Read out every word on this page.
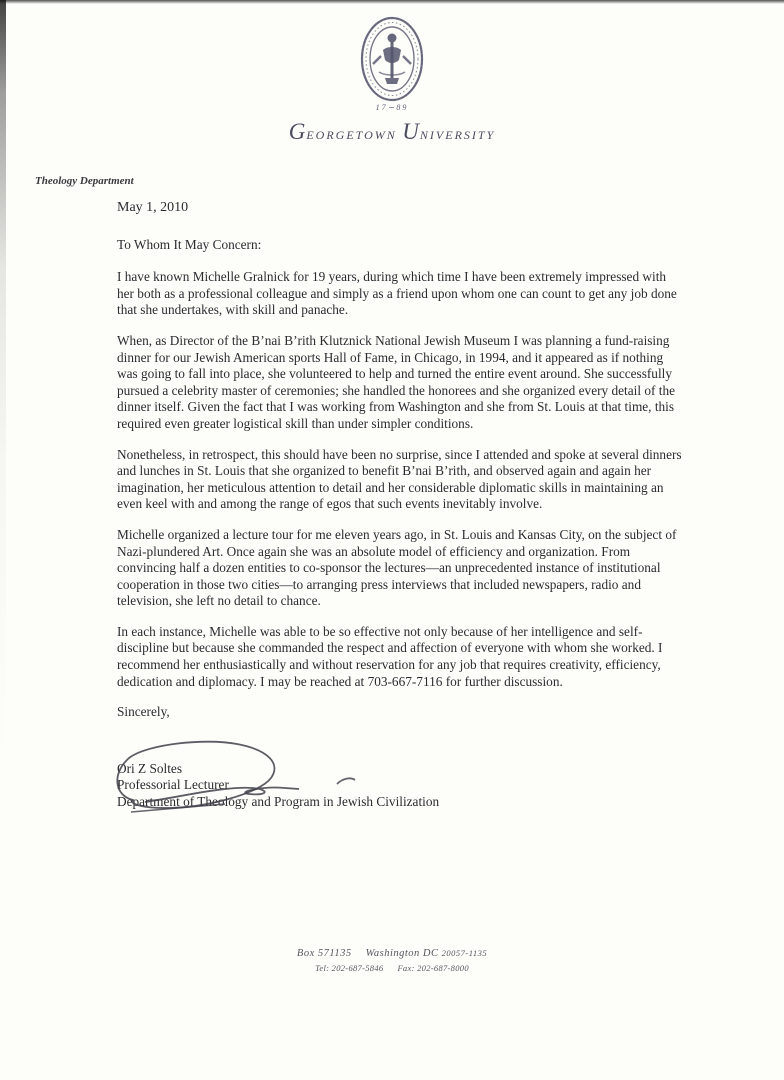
17∼89
GEORGETOWN UNIVERSITY
Theology Department

May 1, 2010

To Whom It May Concern:

I have known Michelle Gralnick for 19 years, during which time I have been extremely impressed with her both as a professional colleague and simply as a friend upon whom one can count to get any job done that she undertakes, with skill and panache.

When, as Director of the B’nai B’rith Klutznick National Jewish Museum I was planning a fund-raising dinner for our Jewish American sports Hall of Fame, in Chicago, in 1994, and it appeared as if nothing was going to fall into place, she volunteered to help and turned the entire event around. She successfully pursued a celebrity master of ceremonies; she handled the honorees and she organized every detail of the dinner itself. Given the fact that I was working from Washington and she from St. Louis at that time, this required even greater logistical skill than under simpler conditions.

Nonetheless, in retrospect, this should have been no surprise, since I attended and spoke at several dinners and lunches in St. Louis that she organized to benefit B’nai B’rith, and observed again and again her imagination, her meticulous attention to detail and her considerable diplomatic skills in maintaining an even keel with and among the range of egos that such events inevitably involve.

Michelle organized a lecture tour for me eleven years ago, in St. Louis and Kansas City, on the subject of Nazi-plundered Art. Once again she was an absolute model of efficiency and organization. From convincing half a dozen entities to co-sponsor the lectures—an unprecedented instance of institutional cooperation in those two cities—to arranging press interviews that included newspapers, radio and television, she left no detail to chance.

In each instance, Michelle was able to be so effective not only because of her intelligence and self-discipline but because she commanded the respect and affection of everyone with whom she worked. I recommend her enthusiastically and without reservation for any job that requires creativity, efficiency, dedication and diplomacy. I may be reached at 703-667-7116 for further discussion.

Sincerely,

Ori Z Soltes

Professorial Lecturer

Department of Theology and Program in Jewish Civilization

Box 571135 Washington DC 20057-1135
Tel: 202-687-5846 Fax: 202-687-8000
